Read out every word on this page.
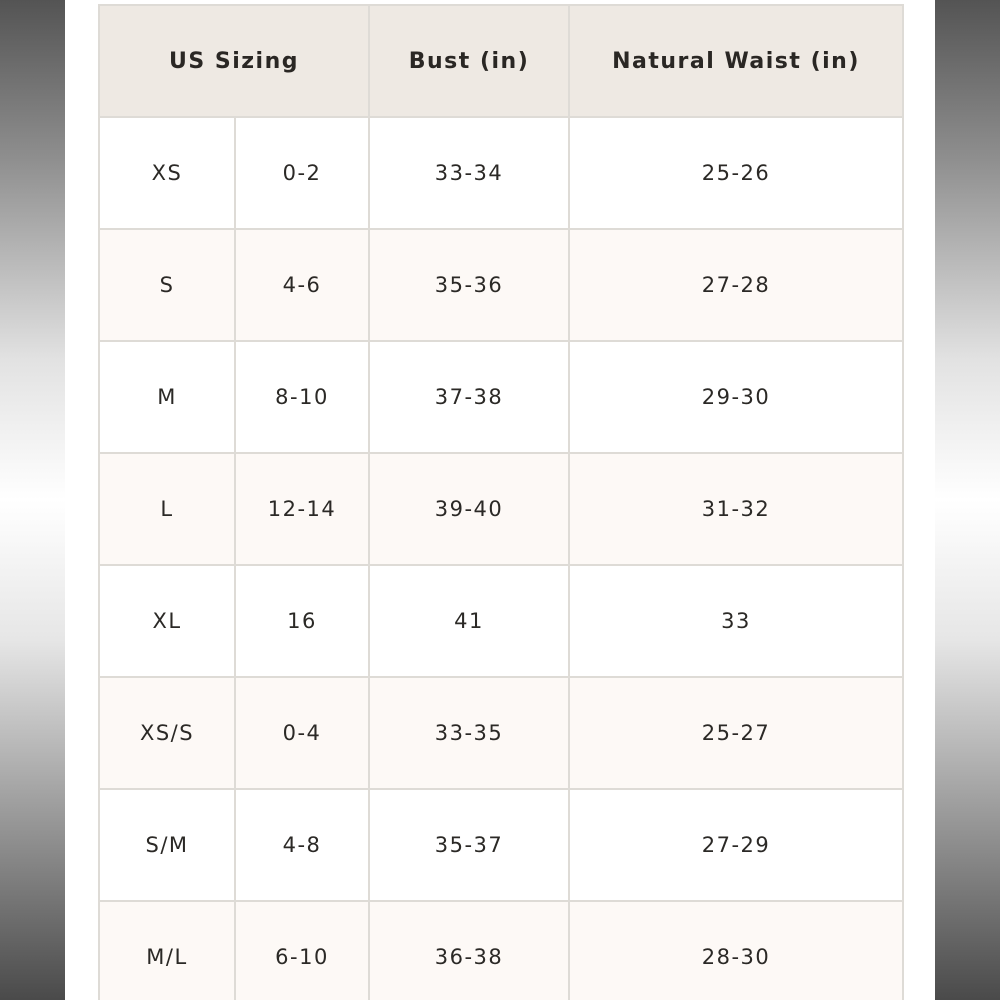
US Sizing		Bust (in)	Natural Waist (in)
XS	0-2	33-34	25-26
S	4-6	35-36	27-28
M	8-10	37-38	29-30
L	12-14	39-40	31-32
XL	16	41	33
XS/S	0-4	33-35	25-27
S/M	4-8	35-37	27-29
M/L	6-10	36-38	28-30
